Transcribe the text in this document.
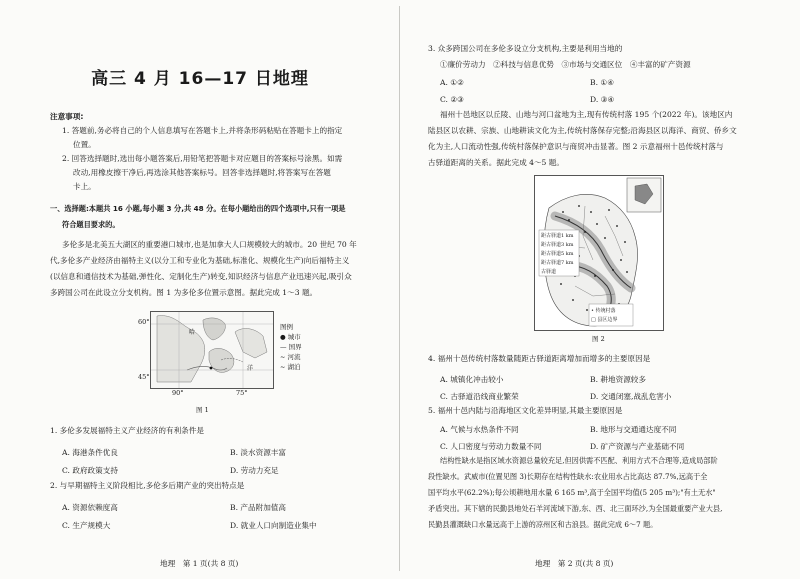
高三 4 月 16—17 日地理
注意事项:
1. 答题前,务必将自己的个人信息填写在答题卡上,并将条形码粘贴在答题卡上的指定
位置。
2. 回答选择题时,选出每小题答案后,用铅笔把答题卡对应题目的答案标号涂黑。如需
改动,用橡皮擦干净后,再选涂其他答案标号。回答非选择题时,将答案写在答题
卡上。
一、选择题:本题共 16 小题,每小题 3 分,共 48 分。在每小题给出的四个选项中,只有一项是
符合题目要求的。
多伦多是北美五大湖区的重要港口城市,也是加拿大人口规模较大的城市。20 世纪 70 年
代,多伦多产业经济由福特主义(以分工和专业化为基础,标准化、规模化生产)向后福特主义
(以信息和通信技术为基础,弹性化、定制化生产)转变,知识经济与信息产业迅速兴起,吸引众
多跨国公司在此设立分支机构。图 1 为多伦多位置示意图。据此完成 1～3 题。
哈
洋
60°
45°
90°	75°
图例
● 城市
— 国界
~ 河流
~ 湖泊
图 1
1. 多伦多发展福特主义产业经济的有利条件是
A. 海港条件优良	B. 淡水资源丰富
C. 政府政策支持	D. 劳动力充足
2. 与早期福特主义阶段相比,多伦多后期产业的突出特点是
A. 资源依赖度高	B. 产品附加值高
C. 生产规模大	D. 就业人口向制造业集中
地理　第 1 页(共 8 页)
3. 众多跨国公司在多伦多设立分支机构,主要是利用当地的
①廉价劳动力　②科技与信息优势　③市场与交通区位　④丰富的矿产资源
A. ①②	B. ①④
C. ②③	D. ③④
福州十邑地区以丘陵、山地与河口盆地为主,现有传统村落 195 个(2022 年)。该地区内
陆县区以农耕、宗族、山地耕读文化为主,传统村落保存完整;沿海县区以海洋、商贸、侨乡文
化为主,人口流动性强,传统村落保护意识与商贸冲击显著。图 2 示意福州十邑传统村落与
古驿道距离的关系。据此完成 4～5 题。
距古驿道1 km
距古驿道3 km
距古驿道5 km
距古驿道7 km
古驿道
• 传统村落
□ 县区边界
图 2
4. 福州十邑传统村落数量随距古驿道距离增加而增多的主要原因是
A. 城镇化冲击较小	B. 耕地资源较多
C. 古驿道沿线商业繁荣	D. 交通闭塞,战乱危害小
5. 福州十邑内陆与沿海地区文化差异明显,其最主要原因是
A. 气候与水热条件不同	B. 地形与交通通达度不同
C. 人口密度与劳动力数量不同	D. 矿产资源与产业基础不同
结构性缺水是指区域水资源总量较充足,但因供需不匹配、利用方式不合理等,造成局部阶
段性缺水。武威市(位置见图 3)长期存在结构性缺水:农业用水占比高达 87.7%,远高于全
国平均水平(62.2%);每公顷耕地用水量 6 165 m³,高于全国平均值(5 205 m³);"有土无水"
矛盾突出。其下辖的民勤县地处石羊河流域下游,东、西、北三面环沙,为全国最重要产业大县,
民勤县灌溉缺口水量远高于上游的凉州区和古浪县。据此完成 6～7 题。
地理　第 2 页(共 8 页)
